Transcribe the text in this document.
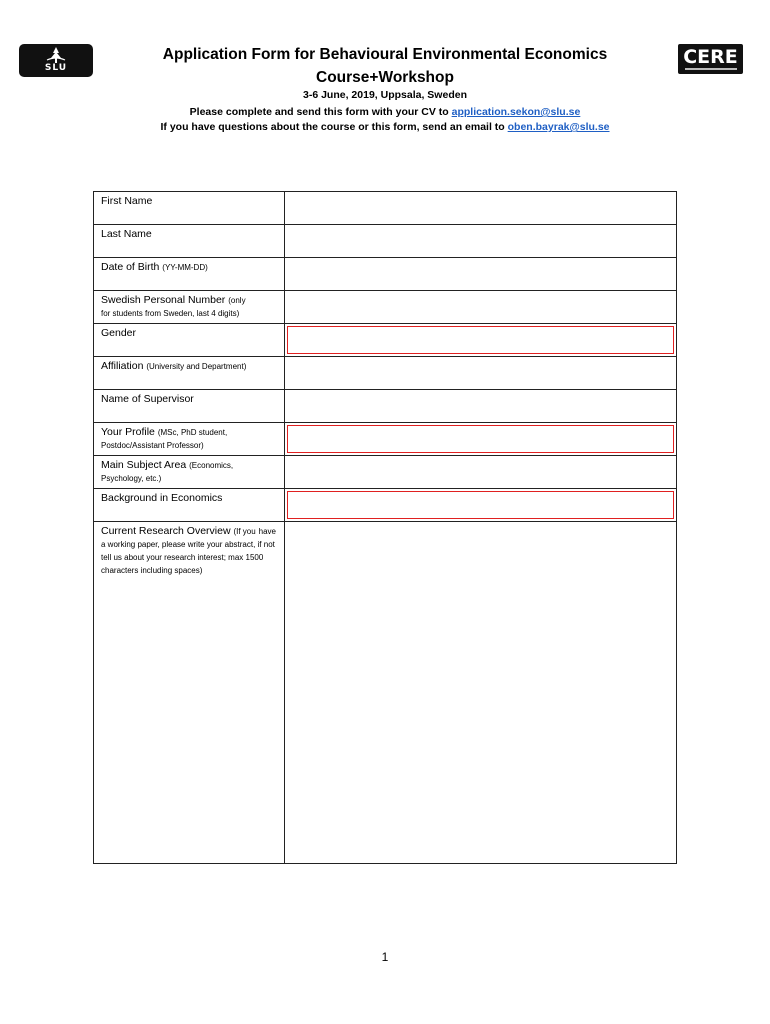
SLU	CERE
Application Form for Behavioural Environmental Economics
Course+Workshop
3-6 June, 2019, Uppsala, Sweden
Please complete and send this form with your CV to application.sekon@slu.se
If you have questions about the course or this form, send an email to oben.bayrak@slu.se
First Name	
Last Name	
Date of Birth (YY-MM-DD)	
Swedish Personal Number (only
for students from Sweden, last 4 digits)	
Gender	

Affiliation (University and Department)	
Name of Supervisor	
Your Profile (MSc, PhD student,
Postdoc/Assistant Professor)	

Main Subject Area (Economics,
Psychology, etc.)	
Background in Economics	

Current Research Overview (If you have a working paper, please write your abstract, if not tell us about your research interest; max 1500 characters including spaces)	
1
